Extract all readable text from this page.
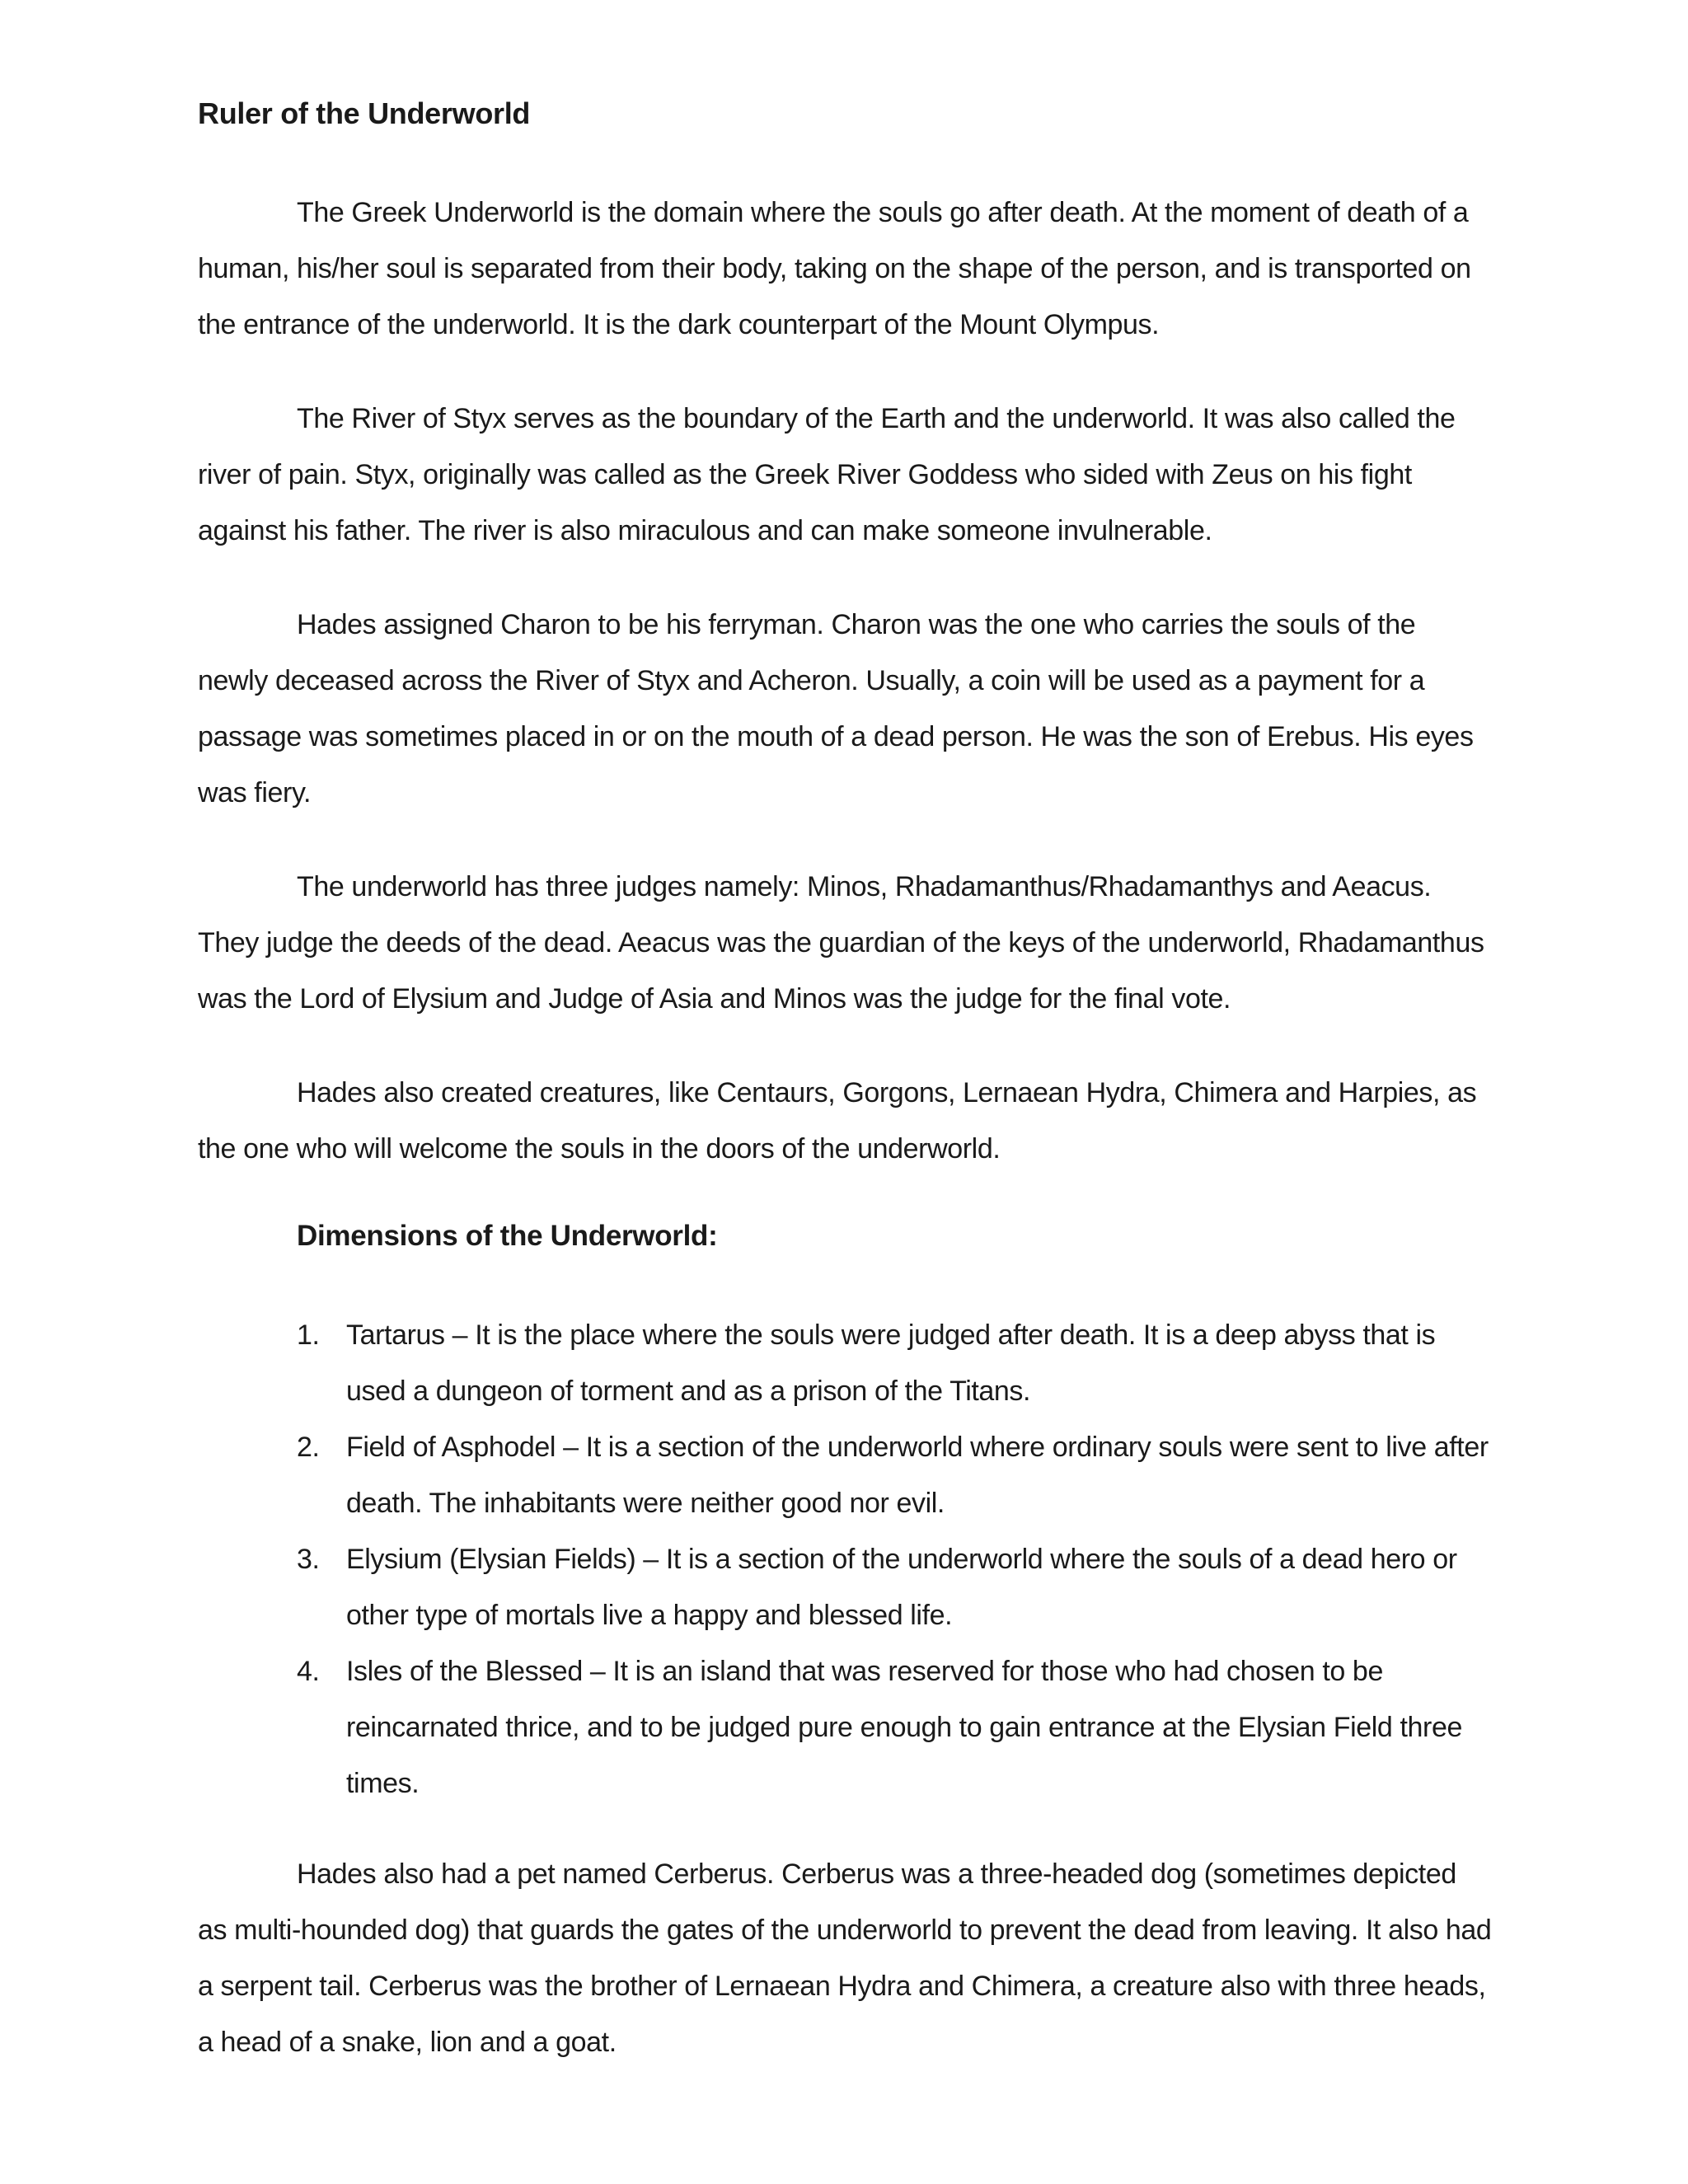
Ruler of the Underworld

The Greek Underworld is the domain where the souls go after death. At the moment of death of a human, his/her soul is separated from their body, taking on the shape of the person, and is transported on the entrance of the underworld. It is the dark counterpart of the Mount Olympus.

The River of Styx serves as the boundary of the Earth and the underworld. It was also called the river of pain. Styx, originally was called as the Greek River Goddess who sided with Zeus on his fight against his father. The river is also miraculous and can make someone invulnerable.

Hades assigned Charon to be his ferryman. Charon was the one who carries the souls of the newly deceased across the River of Styx and Acheron. Usually, a coin will be used as a payment for a passage was sometimes placed in or on the mouth of a dead person. He was the son of Erebus. His eyes was fiery.

The underworld has three judges namely: Minos, Rhadamanthus/Rhadamanthys and Aeacus. They judge the deeds of the dead. Aeacus was the guardian of the keys of the underworld, Rhadamanthus was the Lord of Elysium and Judge of Asia and Minos was the judge for the final vote.

Hades also created creatures, like Centaurs, Gorgons, Lernaean Hydra, Chimera and Harpies, as the one who will welcome the souls in the doors of the underworld.

Dimensions of the Underworld:
1. Tartarus – It is the place where the souls were judged after death. It is a deep abyss that is used a dungeon of torment and as a prison of the Titans.
2. Field of Asphodel – It is a section of the underworld where ordinary souls were sent to live after death. The inhabitants were neither good nor evil.
3. Elysium (Elysian Fields) – It is a section of the underworld where the souls of a dead hero or other type of mortals live a happy and blessed life.
4. Isles of the Blessed – It is an island that was reserved for those who had chosen to be reincarnated thrice, and to be judged pure enough to gain entrance at the Elysian Field three times.

Hades also had a pet named Cerberus. Cerberus was a three-headed dog (sometimes depicted as multi-hounded dog) that guards the gates of the underworld to prevent the dead from leaving. It also had a serpent tail. Cerberus was the brother of Lernaean Hydra and Chimera, a creature also with three heads, a head of a snake, lion and a goat.
